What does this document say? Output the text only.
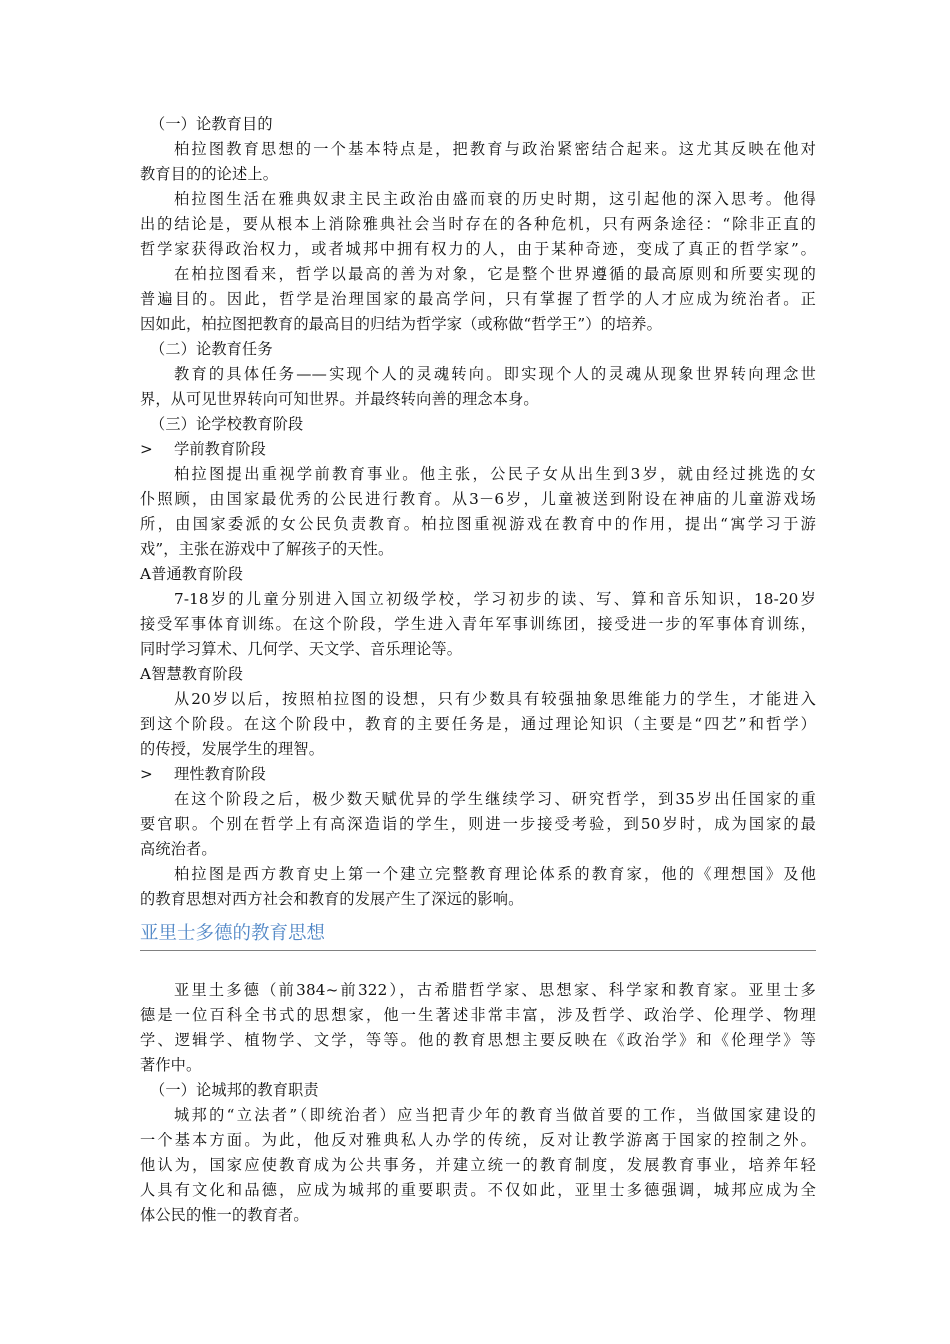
（一）论教育目的
柏拉图教育思想的一个基本特点是，把教育与政治紧密结合起来。这尤其反映在他对
教育目的的论述上。
柏拉图生活在雅典奴隶主民主政治由盛而衰的历史时期，这引起他的深入思考。他得
出的结论是，要从根本上消除雅典社会当时存在的各种危机，只有两条途径：“除非正直的
哲学家获得政治权力，或者城邦中拥有权力的人，由于某种奇迹，变成了真正的哲学家”。
在柏拉图看来，哲学以最高的善为对象，它是整个世界遵循的最高原则和所要实现的
普遍目的。因此，哲学是治理国家的最高学问，只有掌握了哲学的人才应成为统治者。正
因如此，柏拉图把教育的最高目的归结为哲学家（或称做“哲学王”）的培养。
（二）论教育任务
教育的具体任务——实现个人的灵魂转向。即实现个人的灵魂从现象世界转向理念世
界，从可见世界转向可知世界。并最终转向善的理念本身。
（三）论学校教育阶段
> 学前教育阶段
柏拉图提出重视学前教育事业。他主张，公民子女从出生到3岁，就由经过挑选的女
仆照顾，由国家最优秀的公民进行教育。从3－6岁，儿童被送到附设在神庙的儿童游戏场
所，由国家委派的女公民负责教育。柏拉图重视游戏在教育中的作用，提出“寓学习于游
戏”，主张在游戏中了解孩子的天性。
A普通教育阶段
7-18岁的儿童分别进入国立初级学校，学习初步的读、写、算和音乐知识，18-20岁
接受军事体育训练。在这个阶段，学生进入青年军事训练团，接受进一步的军事体育训练，
同时学习算术、几何学、天文学、音乐理论等。
A智慧教育阶段
从20岁以后，按照柏拉图的设想，只有少数具有较强抽象思维能力的学生，才能进入
到这个阶段。在这个阶段中，教育的主要任务是，通过理论知识（主要是“四艺”和哲学）
的传授，发展学生的理智。
> 理性教育阶段
在这个阶段之后，极少数天赋优异的学生继续学习、研究哲学，到35岁出任国家的重
要官职。个别在哲学上有高深造诣的学生，则进一步接受考验，到50岁时，成为国家的最
高统治者。
柏拉图是西方教育史上第一个建立完整教育理论体系的教育家，他的《理想国》及他
的教育思想对西方社会和教育的发展产生了深远的影响。
亚里士多德的教育思想
亚里土多德（前384~前322），古希腊哲学家、思想家、科学家和教育家。亚里士多
德是一位百科全书式的思想家，他一生著述非常丰富，涉及哲学、政治学、伦理学、物理
学、逻辑学、植物学、文学，等等。他的教育思想主要反映在《政治学》和《伦理学》等
著作中。
（一）论城邦的教育职责
城邦的“立法者”（即统治者）应当把青少年的教育当做首要的工作，当做国家建设的
一个基本方面。为此，他反对雅典私人办学的传统，反对让教学游离于国家的控制之外。
他认为，国家应使教育成为公共事务，并建立统一的教育制度，发展教育事业，培养年轻
人具有文化和品德，应成为城邦的重要职责。不仅如此，亚里士多德强调，城邦应成为全
体公民的惟一的教育者。
